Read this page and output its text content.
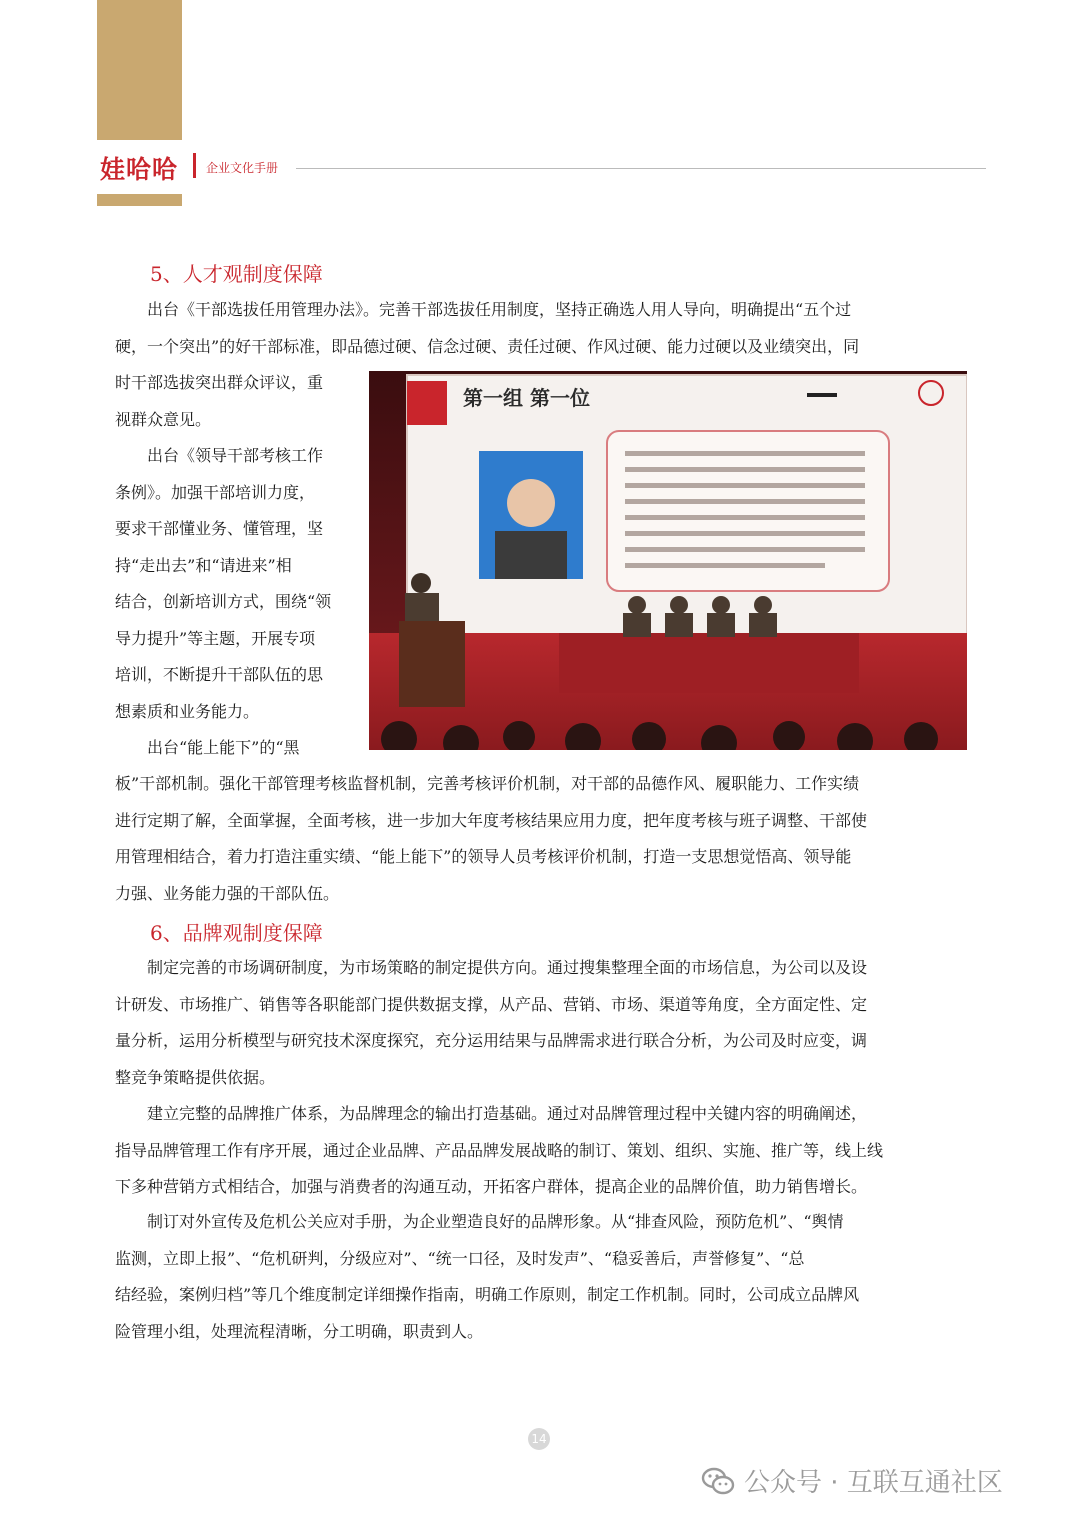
娃哈哈 企业文化手册
5、人才观制度保障

出台《干部选拔任用管理办法》。完善干部选拔任用制度，坚持正确选人用人导向，明确提出“五个过
硬，一个突出”的好干部标准，即品德过硬、信念过硬、责任过硬、作风过硬、能力过硬以及业绩突出，同

时干部选拔突出群众评议，重
视群众意见。

出台《领导干部考核工作
条例》。加强干部培训力度，
要求干部懂业务、懂管理，坚
持“走出去”和“请进来”相
结合，创新培训方式，围绕“领
导力提升”等主题，开展专项
培训，不断提升干部队伍的思
想素质和业务能力。

出台“能上能下”的“黑

板”干部机制。强化干部管理考核监督机制，完善考核评价机制，对干部的品德作风、履职能力、工作实绩
进行定期了解，全面掌握，全面考核，进一步加大年度考核结果应用力度，把年度考核与班子调整、干部使
用管理相结合，着力打造注重实绩、“能上能下”的领导人员考核评价机制，打造一支思想觉悟高、领导能
力强、业务能力强的干部队伍。

第一组 第一位
6、品牌观制度保障

制定完善的市场调研制度，为市场策略的制定提供方向。通过搜集整理全面的市场信息，为公司以及设
计研发、市场推广、销售等各职能部门提供数据支撑，从产品、营销、市场、渠道等角度，全方面定性、定
量分析，运用分析模型与研究技术深度探究，充分运用结果与品牌需求进行联合分析，为公司及时应变，调
整竞争策略提供依据。

建立完整的品牌推广体系，为品牌理念的输出打造基础。通过对品牌管理过程中关键内容的明确阐述，
指导品牌管理工作有序开展，通过企业品牌、产品品牌发展战略的制订、策划、组织、实施、推广等，线上线
下多种营销方式相结合，加强与消费者的沟通互动，开拓客户群体，提高企业的品牌价值，助力销售增长。

制订对外宣传及危机公关应对手册，为企业塑造良好的品牌形象。从“排查风险，预防危机”、“舆情
监测，立即上报”、“危机研判，分级应对”、“统一口径，及时发声”、“稳妥善后，声誉修复”、“总
结经验，案例归档”等几个维度制定详细操作指南，明确工作原则，制定工作机制。同时，公司成立品牌风
险管理小组，处理流程清晰，分工明确，职责到人。

14
公众号 · 互联互通社区
